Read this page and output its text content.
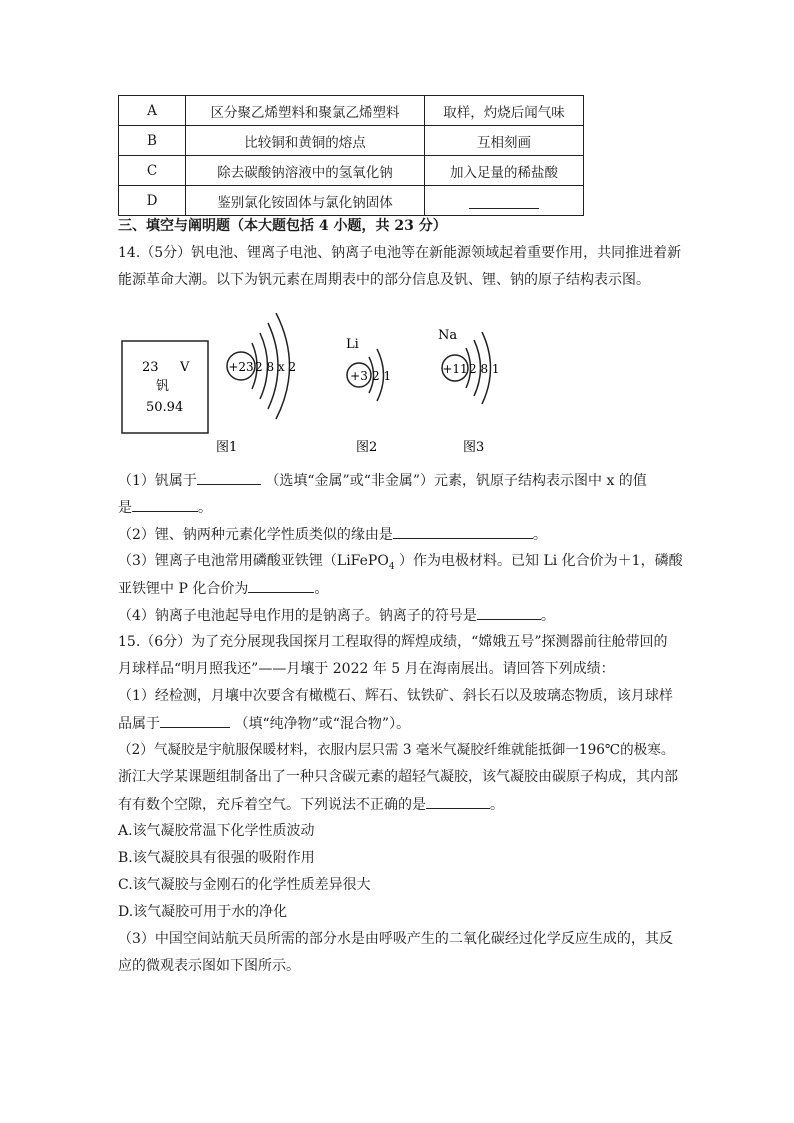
A	区分聚乙烯塑料和聚氯乙烯塑料	取样，灼烧后闻气味
B	比较铜和黄铜的熔点	互相刻画
C	除去碳酸钠溶液中的氢氧化钠	加入足量的稀盐酸
D	鉴别氯化铵固体与氯化钠固体	
三、填空与阐明题（本大题包括 4 小题，共 23 分）
14.（5分）钒电池、锂离子电池、钠离子电池等在新能源领域起着重要作用，共同推进着新
能源革命大潮。以下为钒元素在周期表中的部分信息及钒、锂、钠的原子结构表示图。
23 V
钒
50.94
+23 2 8 x 2
Li
+3 2 1
Na
+11 2 8 1
图1	图2	图3
（1）钒属于	（选填“金属”或“非金属”）元素，钒原子结构表示图中 x 的值
是	。
（2）锂、钠两种元素化学性质类似的缘由是	。
（3）锂离子电池常用磷酸亚铁锂（LiFePO$_4$ ）作为电极材料。已知 Li 化合价为＋1，磷酸
亚铁锂中 P 化合价为	。
（4）钠离子电池起导电作用的是钠离子。钠离子的符号是	。
15.（6分）为了充分展现我国探月工程取得的辉煌成绩，“嫦娥五号”探测器前往舱带回的
月球样品“明月照我还”——月壤于 2022 年 5 月在海南展出。请回答下列成绩：
（1）经检测，月壤中次要含有橄榄石、辉石、钛铁矿、斜长石以及玻璃态物质，该月球样
品属于	（填“纯净物”或“混合物”）。
（2）气凝胶是宇航服保暖材料，衣服内层只需 3 毫米气凝胶纤维就能抵御一196℃的极寒。
浙江大学某课题组制备出了一种只含碳元素的超轻气凝胶，该气凝胶由碳原子构成，其内部
有有数个空隙，充斥着空气。下列说法不正确的是	。
A.该气凝胶常温下化学性质波动
B.该气凝胶具有很强的吸附作用
C.该气凝胶与金刚石的化学性质差异很大
D.该气凝胶可用于水的净化
（3）中国空间站航天员所需的部分水是由呼吸产生的二氧化碳经过化学反应生成的，其反
应的微观表示图如下图所示。
